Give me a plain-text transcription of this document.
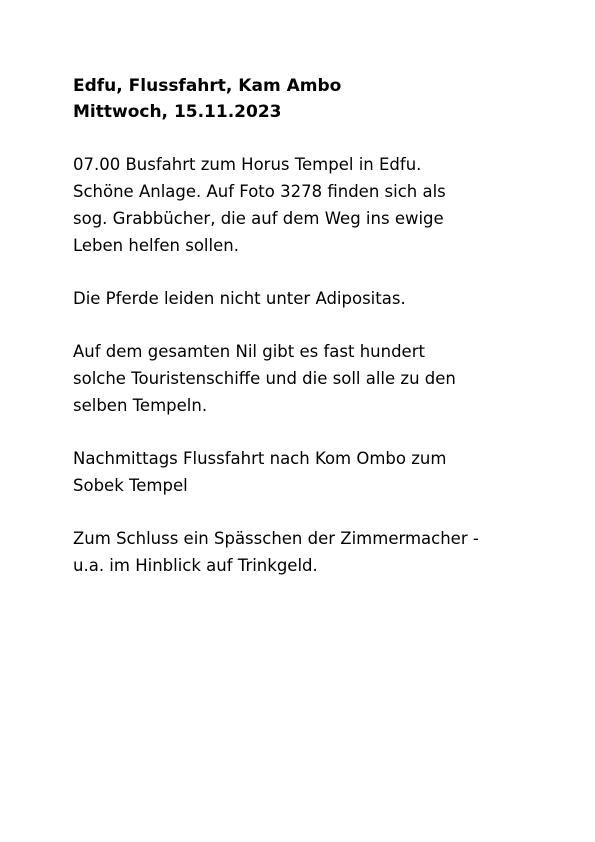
Edfu, Flussfahrt, Kam Ambo

Mittwoch, 15.11.2023

07.00 Busfahrt zum Horus Tempel in Edfu.
Schöne Anlage. Auf Foto 3278 finden sich als
sog. Grabbücher, die auf dem Weg ins ewige
Leben helfen sollen.

Die Pferde leiden nicht unter Adipositas.

Auf dem gesamten Nil gibt es fast hundert
solche Touristenschiffe und die soll alle zu den
selben Tempeln.

Nachmittags Flussfahrt nach Kom Ombo zum
Sobek Tempel

Zum Schluss ein Spässchen der Zimmermacher -
u.a. im Hinblick auf Trinkgeld.
